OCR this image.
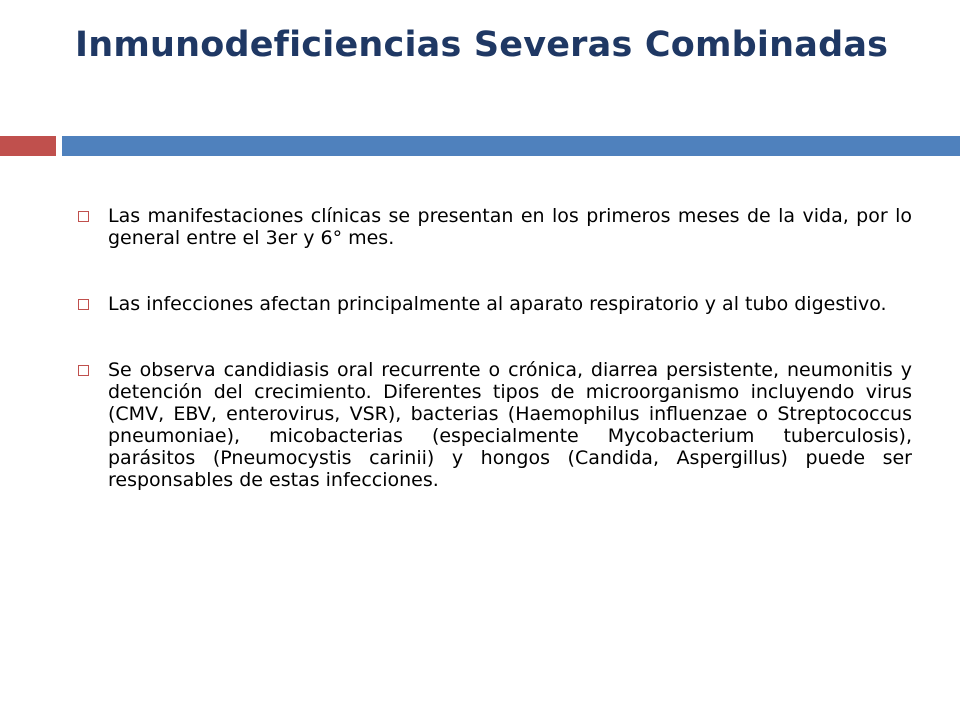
Inmunodeficiencias Severas Combinadas
Las manifestaciones clínicas se presentan en los primeros meses de la vida, por lo general entre el 3er y 6° mes.
Las infecciones afectan principalmente al aparato respiratorio y al tubo digestivo.
Se observa candidiasis oral recurrente o crónica, diarrea persistente, neumonitis y detención del crecimiento. Diferentes tipos de microorganismo incluyendo virus (CMV, EBV, enterovirus, VSR), bacterias (Haemophilus influenzae o Streptococcus pneumoniae), micobacterias (especialmente Mycobacterium tuberculosis), parásitos (Pneumocystis carinii) y hongos (Candida, Aspergillus) puede ser responsables de estas infecciones.
